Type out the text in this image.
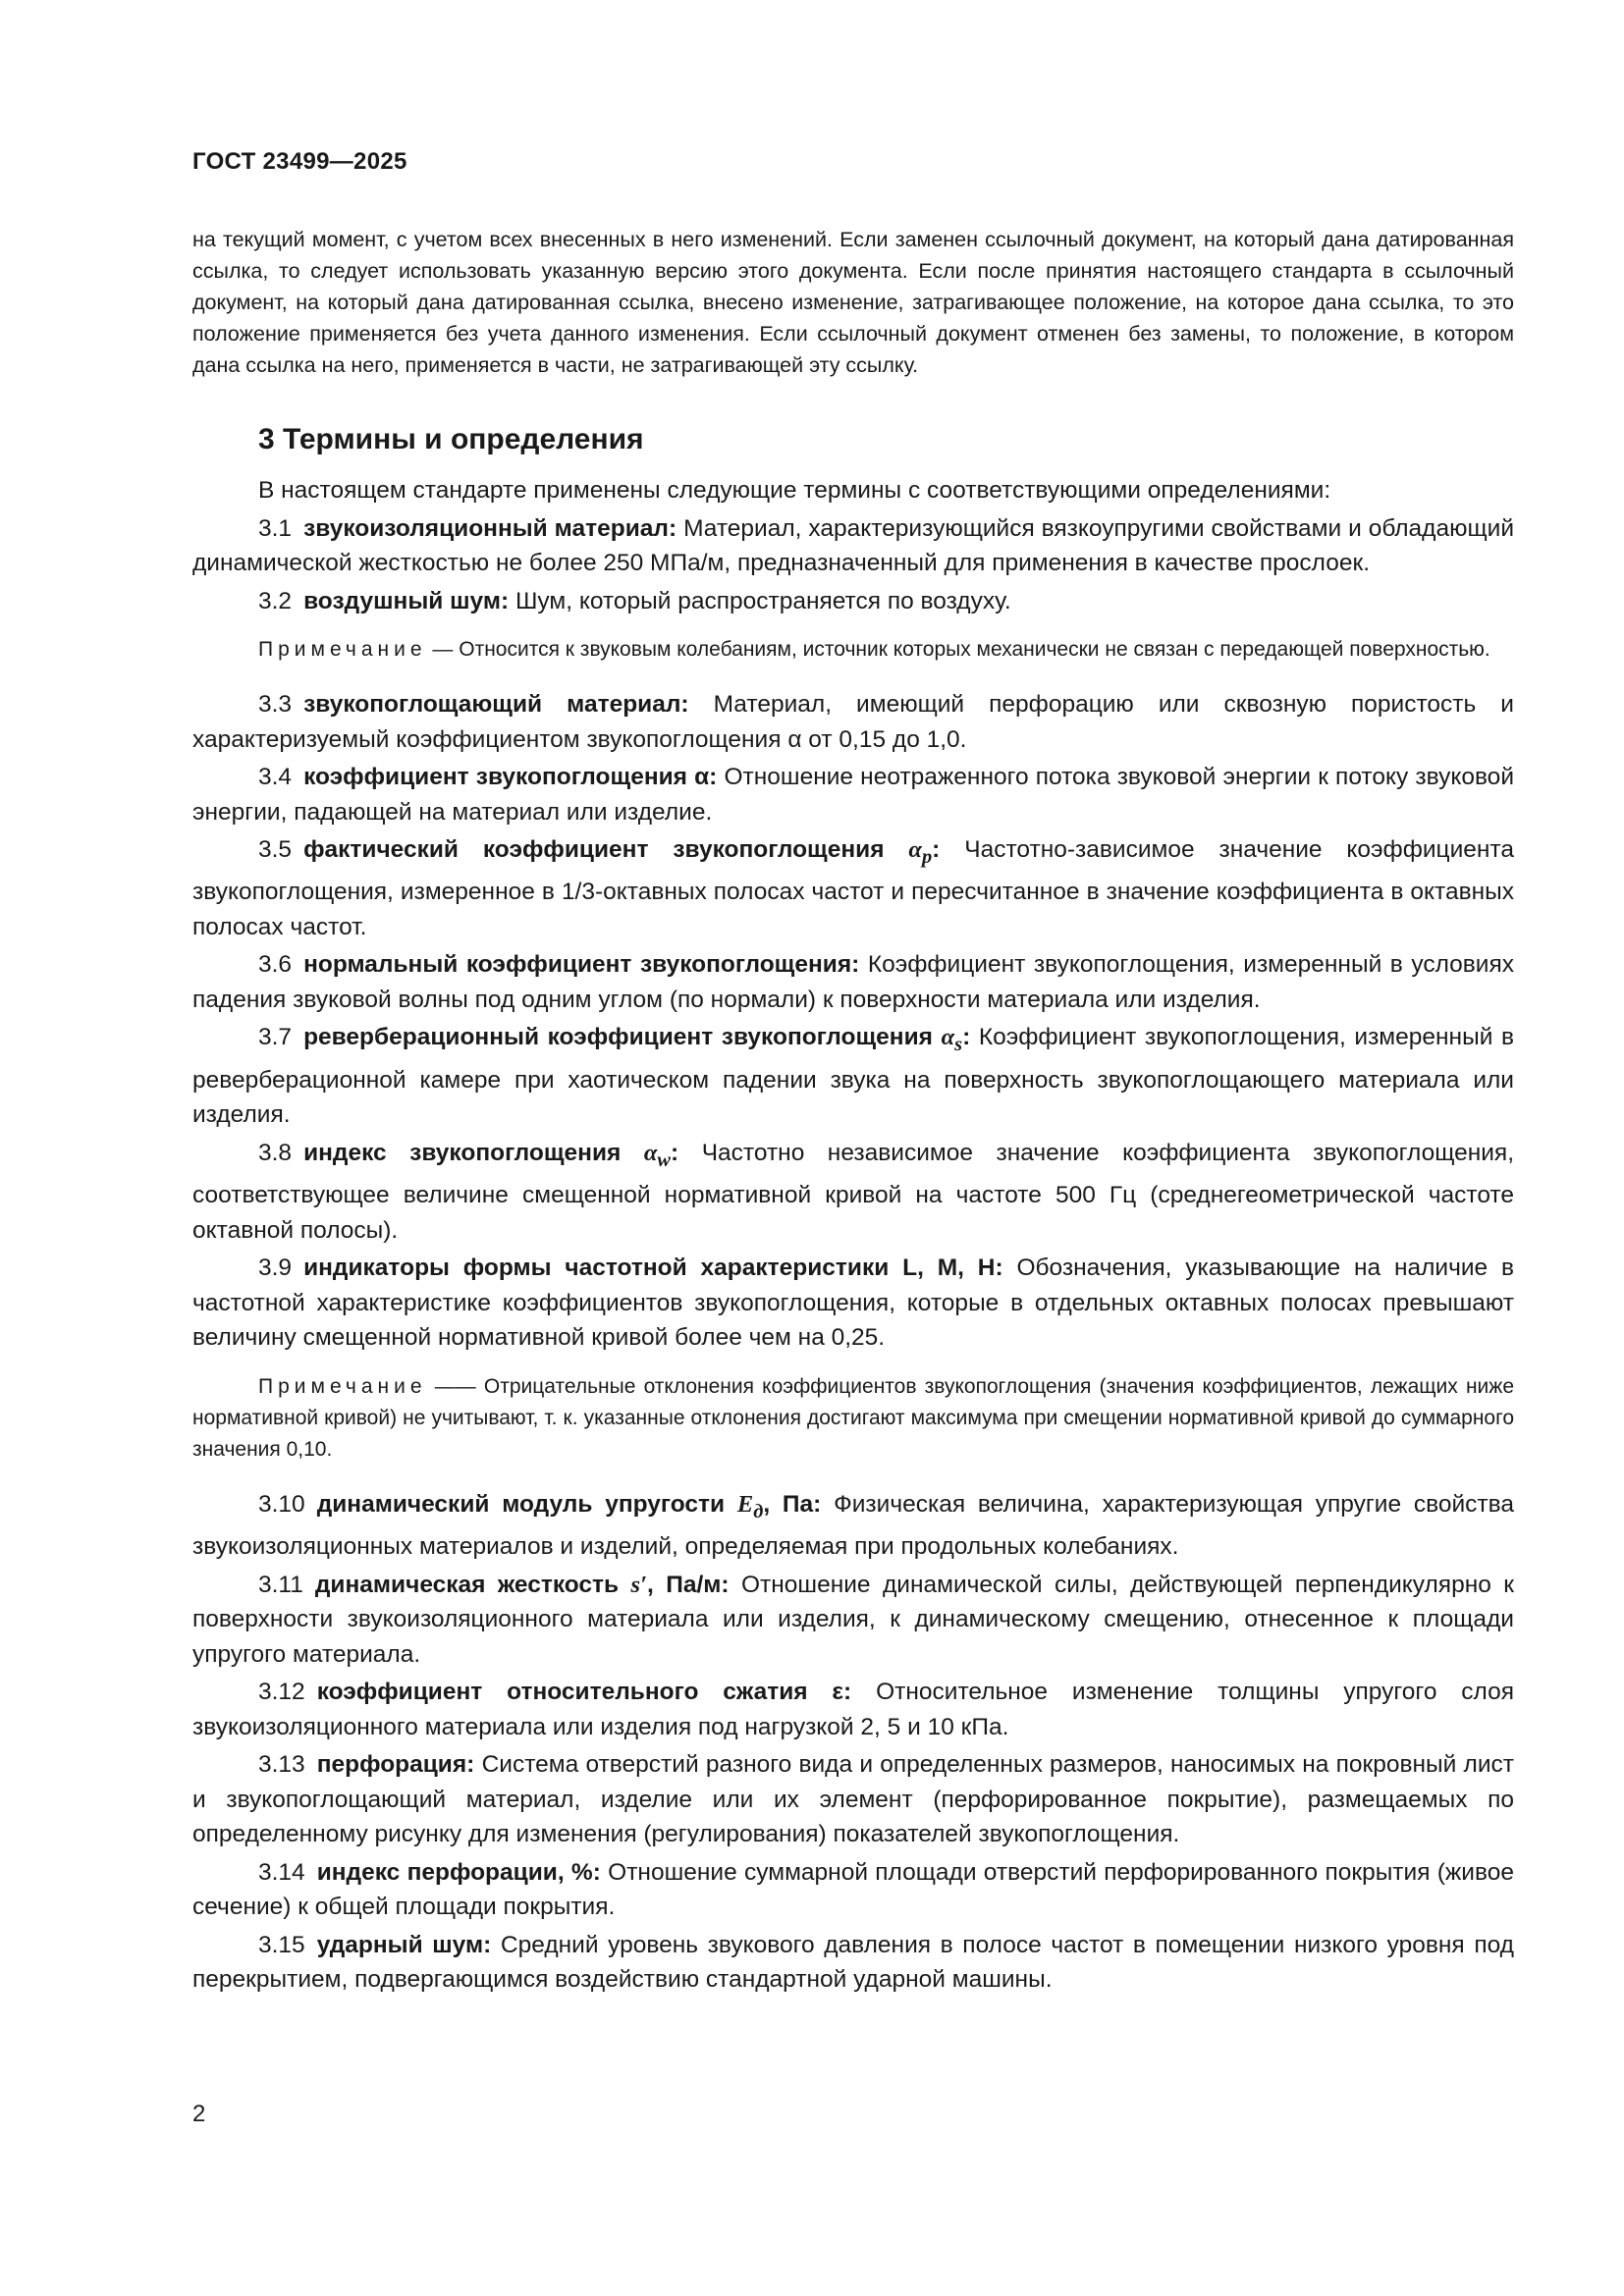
ГОСТ 23499—2025

на текущий момент, с учетом всех внесенных в него изменений. Если заменен ссылочный документ, на который дана датированная ссылка, то следует использовать указанную версию этого документа. Если после принятия настоящего стандарта в ссылочный документ, на который дана датированная ссылка, внесено изменение, затрагивающее положение, на которое дана ссылка, то это положение применяется без учета данного изменения. Если ссылочный документ отменен без замены, то положение, в котором дана ссылка на него, применяется в части, не затрагивающей эту ссылку.

3 Термины и определения

В настоящем стандарте применены следующие термины с соответствующими определениями:

3.1 звукоизоляционный материал: Материал, характеризующийся вязкоупругими свойствами и обладающий динамической жесткостью не более 250 МПа/м, предназначенный для применения в качестве прослоек.

3.2 воздушный шум: Шум, который распространяется по воздуху.

Примечание — Относится к звуковым колебаниям, источник которых механически не связан с передающей поверхностью.

3.3 звукопоглощающий материал: Материал, имеющий перфорацию или сквозную пористость и характеризуемый коэффициентом звукопоглощения α от 0,15 до 1,0.

3.4 коэффициент звукопоглощения α: Отношение неотраженного потока звуковой энергии к потоку звуковой энергии, падающей на материал или изделие.

3.5 фактический коэффициент звукопоглощения $\alpha_p$: Частотно-зависимое значение коэффициента звукопоглощения, измеренное в 1/3-октавных полосах частот и пересчитанное в значение коэффициента в октавных полосах частот.

3.6 нормальный коэффициент звукопоглощения: Коэффициент звукопоглощения, измеренный в условиях падения звуковой волны под одним углом (по нормали) к поверхности материала или изделия.

3.7 реверберационный коэффициент звукопоглощения $\alpha_s$: Коэффициент звукопоглощения, измеренный в реверберационной камере при хаотическом падении звука на поверхность звукопоглощающего материала или изделия.

3.8 индекс звукопоглощения $\alpha_w$: Частотно независимое значение коэффициента звукопоглощения, соответствующее величине смещенной нормативной кривой на частоте 500 Гц (среднегеометрической частоте октавной полосы).

3.9 индикаторы формы частотной характеристики L, M, H: Обозначения, указывающие на наличие в частотной характеристике коэффициентов звукопоглощения, которые в отдельных октавных полосах превышают величину смещенной нормативной кривой более чем на 0,25.

Примечание —— Отрицательные отклонения коэффициентов звукопоглощения (значения коэффициентов, лежащих ниже нормативной кривой) не учитывают, т. к. указанные отклонения достигают максимума при смещении нормативной кривой до суммарного значения 0,10.

3.10 динамический модуль упругости $E_д$, Па: Физическая величина, характеризующая упругие свойства звукоизоляционных материалов и изделий, определяемая при продольных колебаниях.

3.11 динамическая жесткость s′, Па/м: Отношение динамической силы, действующей перпендикулярно к поверхности звукоизоляционного материала или изделия, к динамическому смещению, отнесенное к площади упругого материала.

3.12 коэффициент относительного сжатия ε: Относительное изменение толщины упругого слоя звукоизоляционного материала или изделия под нагрузкой 2, 5 и 10 кПа.

3.13 перфорация: Система отверстий разного вида и определенных размеров, наносимых на покровный лист и звукопоглощающий материал, изделие или их элемент (перфорированное покрытие), размещаемых по определенному рисунку для изменения (регулирования) показателей звукопоглощения.

3.14 индекс перфорации, %: Отношение суммарной площади отверстий перфорированного покрытия (живое сечение) к общей площади покрытия.

3.15 ударный шум: Средний уровень звукового давления в полосе частот в помещении низкого уровня под перекрытием, подвергающимся воздействию стандартной ударной машины.

2
